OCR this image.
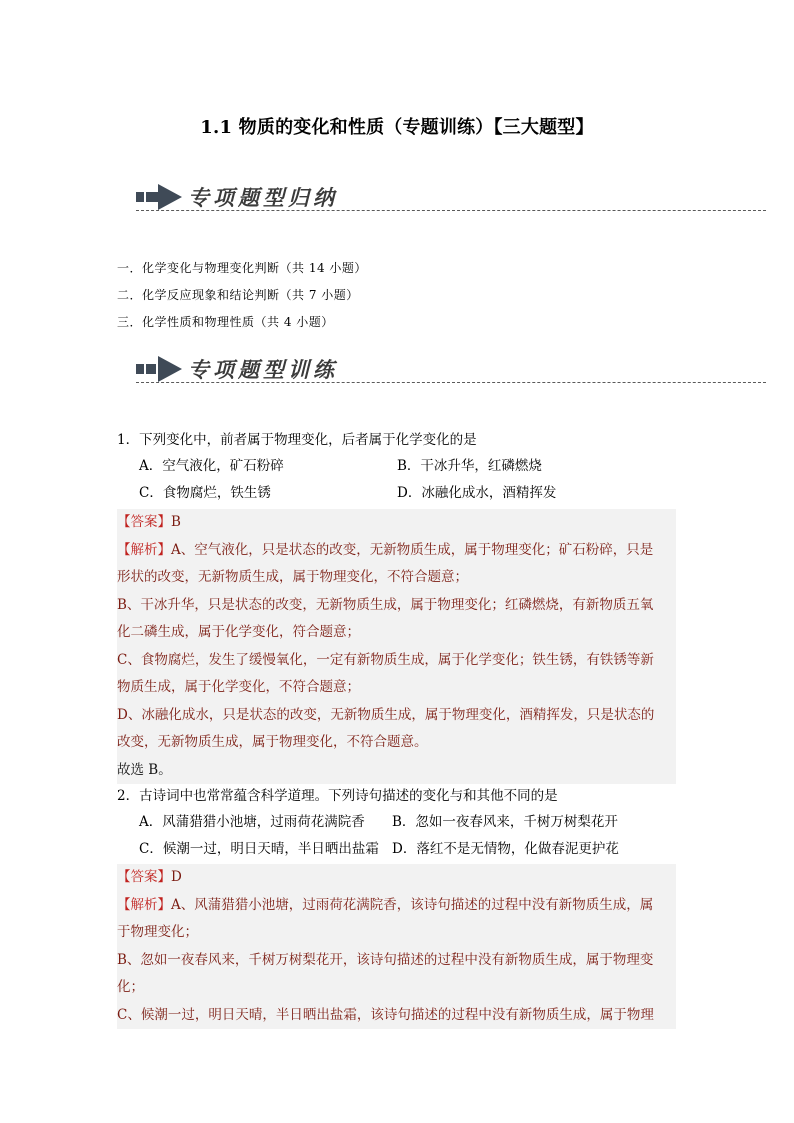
1.1 物质的变化和性质（专题训练）【三大题型】
专项题型归纳
一．化学变化与物理变化判断（共 14 小题）
二．化学反应现象和结论判断（共 7 小题）
三．化学性质和物理性质（共 4 小题）
专项题型训练
1．下列变化中，前者属于物理变化，后者属于化学变化的是
A．空气液化，矿石粉碎	B．干冰升华，红磷燃烧
C．食物腐烂，铁生锈	D．冰融化成水，酒精挥发
【答案】B
【解析】A、空气液化，只是状态的改变，无新物质生成，属于物理变化；矿石粉碎，只是
形状的改变，无新物质生成，属于物理变化，不符合题意；
B、干冰升华，只是状态的改变，无新物质生成，属于物理变化；红磷燃烧，有新物质五氧
化二磷生成，属于化学变化，符合题意；
C、食物腐烂，发生了缓慢氧化，一定有新物质生成，属于化学变化；铁生锈，有铁锈等新
物质生成，属于化学变化，不符合题意；
D、冰融化成水，只是状态的改变，无新物质生成，属于物理变化，酒精挥发，只是状态的
改变，无新物质生成，属于物理变化，不符合题意。
故选 B。
2．古诗词中也常常蕴含科学道理。下列诗句描述的变化与和其他不同的是
A．风蒲猎猎小池塘，过雨荷花满院香	B．忽如一夜春风来，千树万树梨花开
C．候潮一过，明日天晴，半日晒出盐霜 D．落红不是无情物，化做春泥更护花
【答案】D
【解析】A、风蒲猎猎小池塘，过雨荷花满院香，该诗句描述的过程中没有新物质生成，属
于物理变化；
B、忽如一夜春风来，千树万树梨花开，该诗句描述的过程中没有新物质生成，属于物理变
化；
C、候潮一过，明日天晴，半日晒出盐霜，该诗句描述的过程中没有新物质生成，属于物理
